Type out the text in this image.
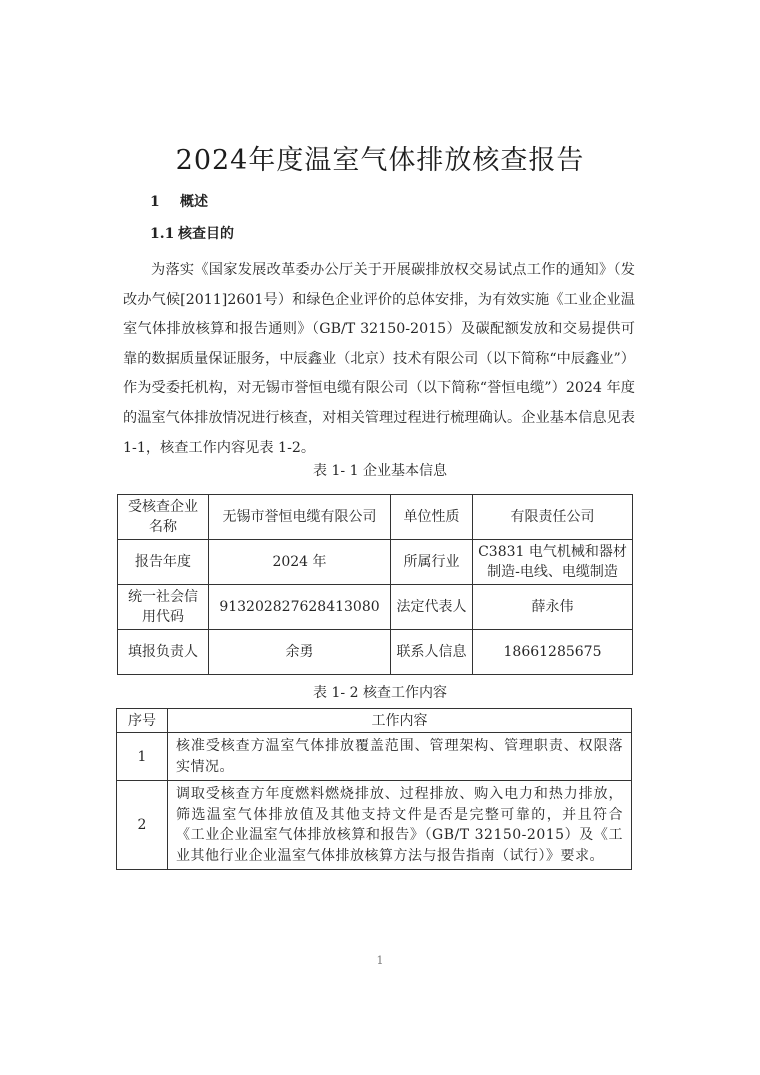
2024年度温室气体排放核查报告
1 概述
1.1 核查目的
为落实《国家发展改革委办公厅关于开展碳排放权交易试点工作的通知》（发改办气候[2011]2601号）和绿色企业评价的总体安排，为有效实施《工业企业温室气体排放核算和报告通则》（GB/T 32150-2015）及碳配额发放和交易提供可靠的数据质量保证服务，中辰鑫业（北京）技术有限公司（以下简称“中辰鑫业”）作为受委托机构，对无锡市誉恒电缆有限公司（以下简称“誉恒电缆”）2024 年度的温室气体排放情况进行核查，对相关管理过程进行梳理确认。企业基本信息见表 1-1，核查工作内容见表 1-2。
表 1- 1 企业基本信息
受核查企业名称	无锡市誉恒电缆有限公司	单位性质	有限责任公司
报告年度	2024 年	所属行业	C3831 电气机械和器材制造-电线、电缆制造
统一社会信用代码	913202827628413080	法定代表人	薛永伟
填报负责人	余勇	联系人信息	18661285675
表 1- 2 核查工作内容
序号	工作内容
1	核准受核查方温室气体排放覆盖范围、管理架构、管理职责、权限落实情况。
2	调取受核查方年度燃料燃烧排放、过程排放、购入电力和热力排放，筛选温室气体排放值及其他支持文件是否是完整可靠的，并且符合《工业企业温室气体排放核算和报告》（GB/T 32150-2015）及《工业其他行业企业温室气体排放核算方法与报告指南（试行）》要求。
1
